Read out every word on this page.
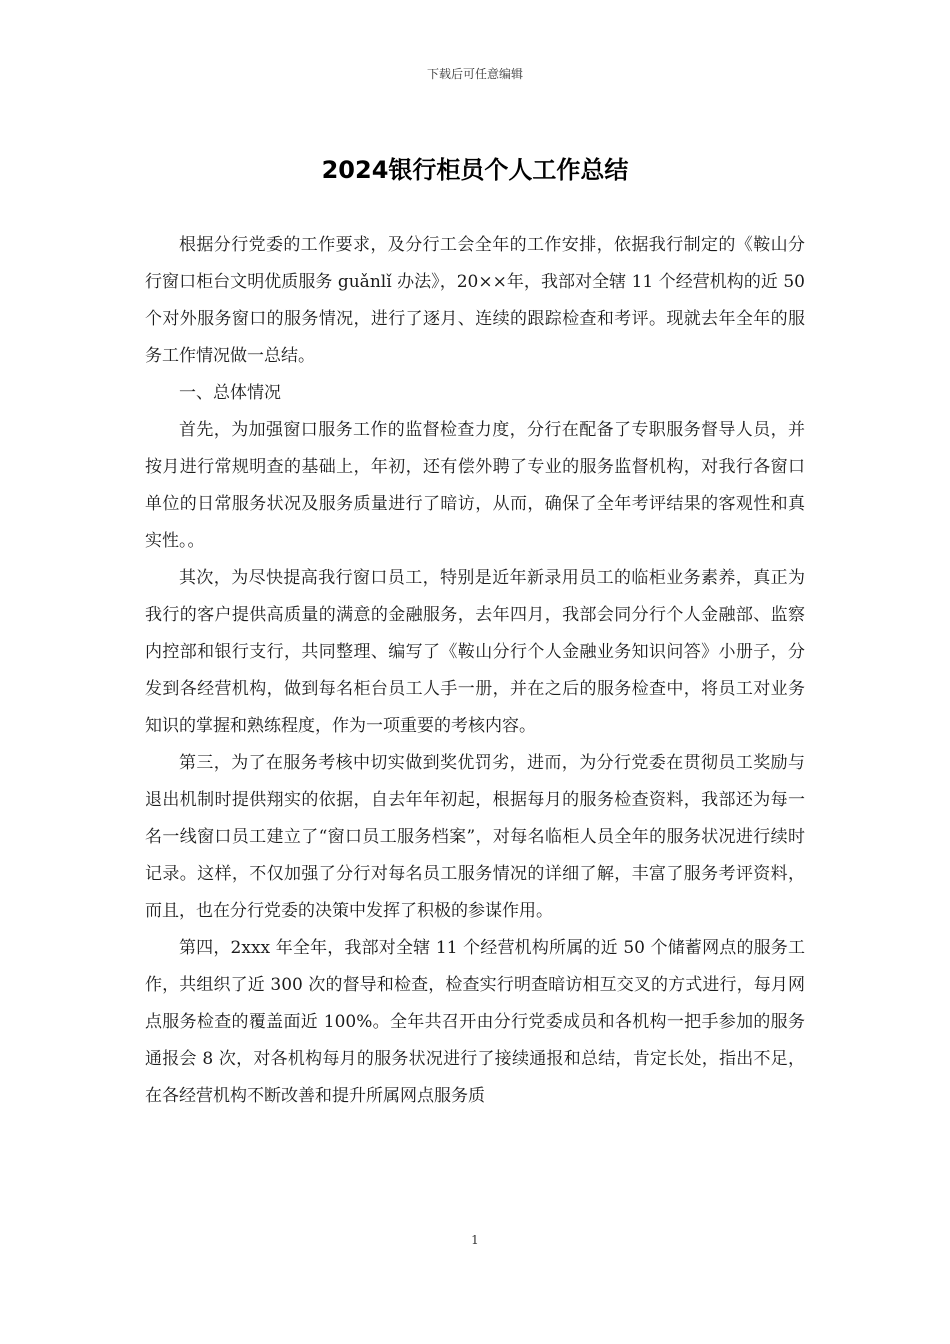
下载后可任意编辑
2024银行柜员个人工作总结

根据分行党委的工作要求，及分行工会全年的工作安排，依据我行制定的《鞍山分行窗口柜台文明优质服务 guǎnlǐ 办法》，20××年，我部对全辖 11 个经营机构的近 50 个对外服务窗口的服务情况，进行了逐月、连续的跟踪检查和考评。现就去年全年的服务工作情况做一总结。

一、总体情况

首先，为加强窗口服务工作的监督检查力度，分行在配备了专职服务督导人员，并按月进行常规明查的基础上，年初，还有偿外聘了专业的服务监督机构，对我行各窗口单位的日常服务状况及服务质量进行了暗访，从而，确保了全年考评结果的客观性和真实性。。

其次，为尽快提高我行窗口员工，特别是近年新录用员工的临柜业务素养，真正为我行的客户提供高质量的满意的金融服务，去年四月，我部会同分行个人金融部、监察内控部和银行支行，共同整理、编写了《鞍山分行个人金融业务知识问答》小册子，分发到各经营机构，做到每名柜台员工人手一册，并在之后的服务检查中，将员工对业务知识的掌握和熟练程度，作为一项重要的考核内容。

第三，为了在服务考核中切实做到奖优罚劣，进而，为分行党委在贯彻员工奖励与退出机制时提供翔实的依据，自去年年初起，根据每月的服务检查资料，我部还为每一名一线窗口员工建立了“窗口员工服务档案”，对每名临柜人员全年的服务状况进行续时记录。这样，不仅加强了分行对每名员工服务情况的详细了解，丰富了服务考评资料，而且，也在分行党委的决策中发挥了积极的参谋作用。

第四，2xxx 年全年，我部对全辖 11 个经营机构所属的近 50 个储蓄网点的服务工作，共组织了近 300 次的督导和检查，检查实行明查暗访相互交叉的方式进行，每月网点服务检查的覆盖面近 100%。全年共召开由分行党委成员和各机构一把手参加的服务通报会 8 次，对各机构每月的服务状况进行了接续通报和总结，肯定长处，指出不足，在各经营机构不断改善和提升所属网点服务质

1
